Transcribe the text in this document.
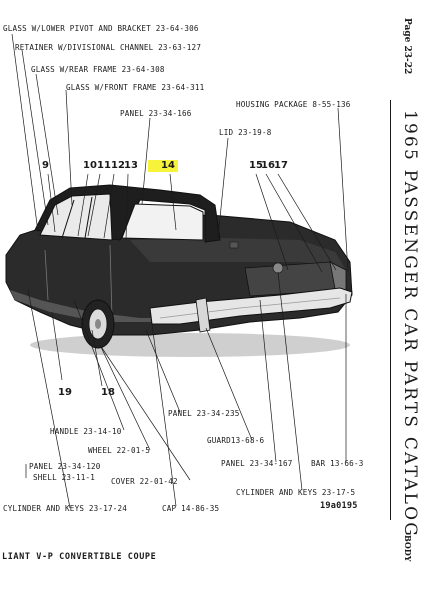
GLASS W/LOWER PIVOT AND BRACKET 23-64-306
RETAINER W/DIVISIONAL CHANNEL 23-63-127
GLASS W/REAR FRAME 23-64-308
GLASS W/FRONT FRAME 23-64-311
HOUSING PACKAGE 8-55-136
PANEL 23-34-166
LID 23-19-8
9	10 11 12 13 14	15
16 17
19	18
PANEL 23-34-235
HANDLE 23-14-10
GUARD13-68-6
WHEEL 22-01-5
PANEL 23-34-167 BAR 13-66-3
PANEL 23-34-120
SHELL 23-11-1 COVER 22-01-42
CYLINDER AND KEYS 23-17-5
CYLINDER AND KEYS 23-17-24	CAP 14-86-35	19a0195
LIANT V-P CONVERTIBLE COUPE
Page 23-22
1965 PASSENGER CAR PARTS CATALOG
BODY
